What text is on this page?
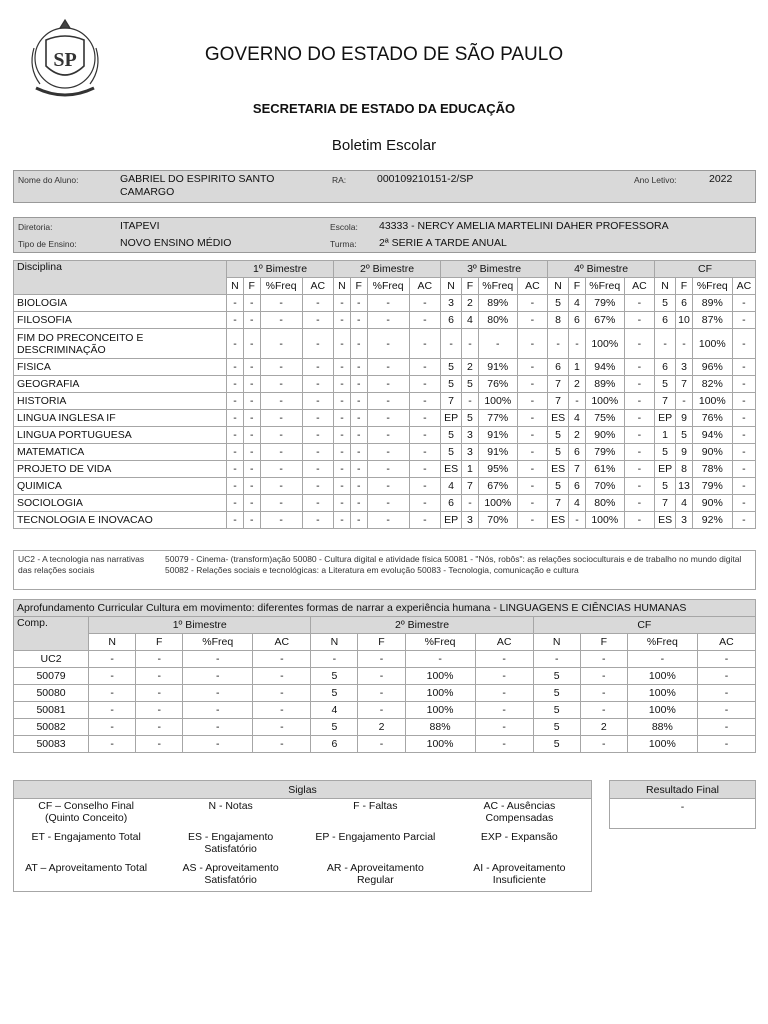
SP	GOVERNO DO ESTADO DE SÃO PAULO
SECRETARIA DE ESTADO DA EDUCAÇÃO
Boletim Escolar
Nome do Aluno:	GABRIEL DO ESPIRITO SANTO CAMARGO
RA:	000109210151-2/SP	Ano Letivo:	2022
Diretoria:	ITAPEVI	Escola: 43333 - NERCY AMELIA MARTELINI DAHER PROFESSORA
Tipo de Ensino:	NOVO ENSINO MÉDIO	Turma: 2ª SERIE A TARDE ANUAL
Disciplina	1º Bimestre				2º Bimestre				3º Bimestre				4º Bimestre				CF			
	N	F	%Freq	AC	N	F	%Freq	AC	N	F	%Freq	AC	N	F	%Freq	AC	N	F	%Freq	AC
BIOLOGIA	-	-	-	-	-	-	-	-	3	2	89%	-	5	4	79%	-	5	6	89%	-
FILOSOFIA	-	-	-	-	-	-	-	-	6	4	80%	-	8	6	67%	-	6	10	87%	-
FIM DO PRECONCEITO E DESCRIMINAÇÃO	-	-	-	-	-	-	-	-	-	-	-	-	-	-	100%	-	-	-	100%	-
FISICA	-	-	-	-	-	-	-	-	5	2	91%	-	6	1	94%	-	6	3	96%	-
GEOGRAFIA	-	-	-	-	-	-	-	-	5	5	76%	-	7	2	89%	-	5	7	82%	-
HISTORIA	-	-	-	-	-	-	-	-	7	-	100%	-	7	-	100%	-	7	-	100%	-
LINGUA INGLESA IF	-	-	-	-	-	-	-	-	EP	5	77%	-	ES	4	75%	-	EP	9	76%	-
LINGUA PORTUGUESA	-	-	-	-	-	-	-	-	5	3	91%	-	5	2	90%	-	1	5	94%	-
MATEMATICA	-	-	-	-	-	-	-	-	5	3	91%	-	5	6	79%	-	5	9	90%	-
PROJETO DE VIDA	-	-	-	-	-	-	-	-	ES	1	95%	-	ES	7	61%	-	EP	8	78%	-
QUIMICA	-	-	-	-	-	-	-	-	4	7	67%	-	5	6	70%	-	5	13	79%	-
SOCIOLOGIA	-	-	-	-	-	-	-	-	6	-	100%	-	7	4	80%	-	7	4	90%	-
TECNOLOGIA E INOVACAO	-	-	-	-	-	-	-	-	EP	3	70%	-	ES	-	100%	-	ES	3	92%	-
UC2 - A tecnologia nas narrativas das relações sociais
50079 - Cinema- (transform)ação 50080 - Cultura digital e atividade física 50081 - "Nós, robôs": as relações socioculturais e de trabalho no mundo digital 50082 - Relações sociais e tecnológicas: a Literatura em evolução 50083 - Tecnologia, comunicação e cultura
Aprofundamento Curricular Cultura em movimento: diferentes formas de narrar a experiência humana - LINGUAGENS E CIÊNCIAS HUMANAS												
Comp.	1º Bimestre				2º Bimestre				CF			
	N	F	%Freq	AC	N	F	%Freq	AC	N	F	%Freq	AC
UC2	-	-	-	-	-	-	-	-	-	-	-	-
50079	-	-	-	-	5	-	100%	-	5	-	100%	-
50080	-	-	-	-	5	-	100%	-	5	-	100%	-
50081	-	-	-	-	4	-	100%	-	5	-	100%	-
50082	-	-	-	-	5	2	88%	-	5	2	88%	-
50083	-	-	-	-	6	-	100%	-	5	-	100%	-
Siglas			
CF – Conselho Final (Quinto Conceito)	N - Notas	F - Faltas	AC - Ausências Compensadas
ET - Engajamento Total	ES - Engajamento Satisfatório	EP - Engajamento Parcial	EXP - Expansão
AT – Aproveitamento Total	AS - Aproveitamento Satisfatório	AR - Aproveitamento Regular	AI - Aproveitamento Insuficiente
Resultado Final
-
